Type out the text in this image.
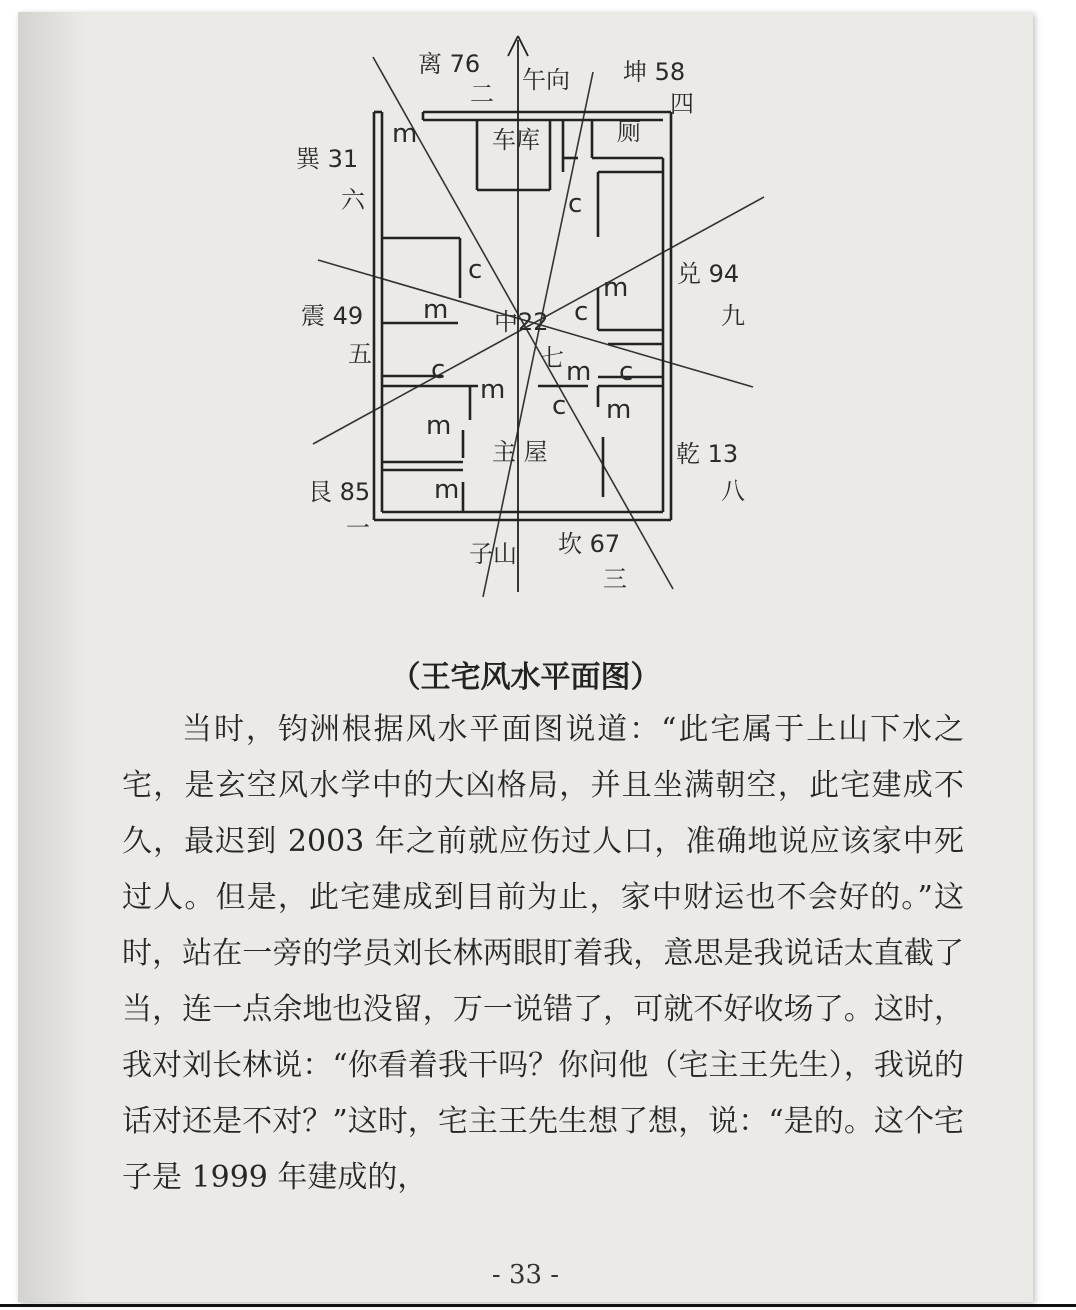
车库	厕
主 屋
离 76
二
坤 58
四
巽 31
六
兑 94
九
震 49
五
乾 13
八
艮 85
一
坎 67
三
午向
子山
中22
七
m
c
c
m
m	c
c	m c
m
c m
m
m
（王宅风水平面图）

当时，钧洲根据风水平面图说道：“此宅属于上山下水之宅，是玄空风水学中的大凶格局，并且坐满朝空，此宅建成不久，最迟到 2003 年之前就应伤过人口，准确地说应该家中死过人。但是，此宅建成到目前为止，家中财运也不会好的。”这时，站在一旁的学员刘长林两眼盯着我，意思是我说话太直截了当，连一点余地也没留，万一说错了，可就不好收场了。这时，我对刘长林说：“你看着我干吗？你问他（宅主王先生），我说的话对还是不对？”这时，宅主王先生想了想，说：“是的。这个宅子是 1999 年建成的，

- 33 -
